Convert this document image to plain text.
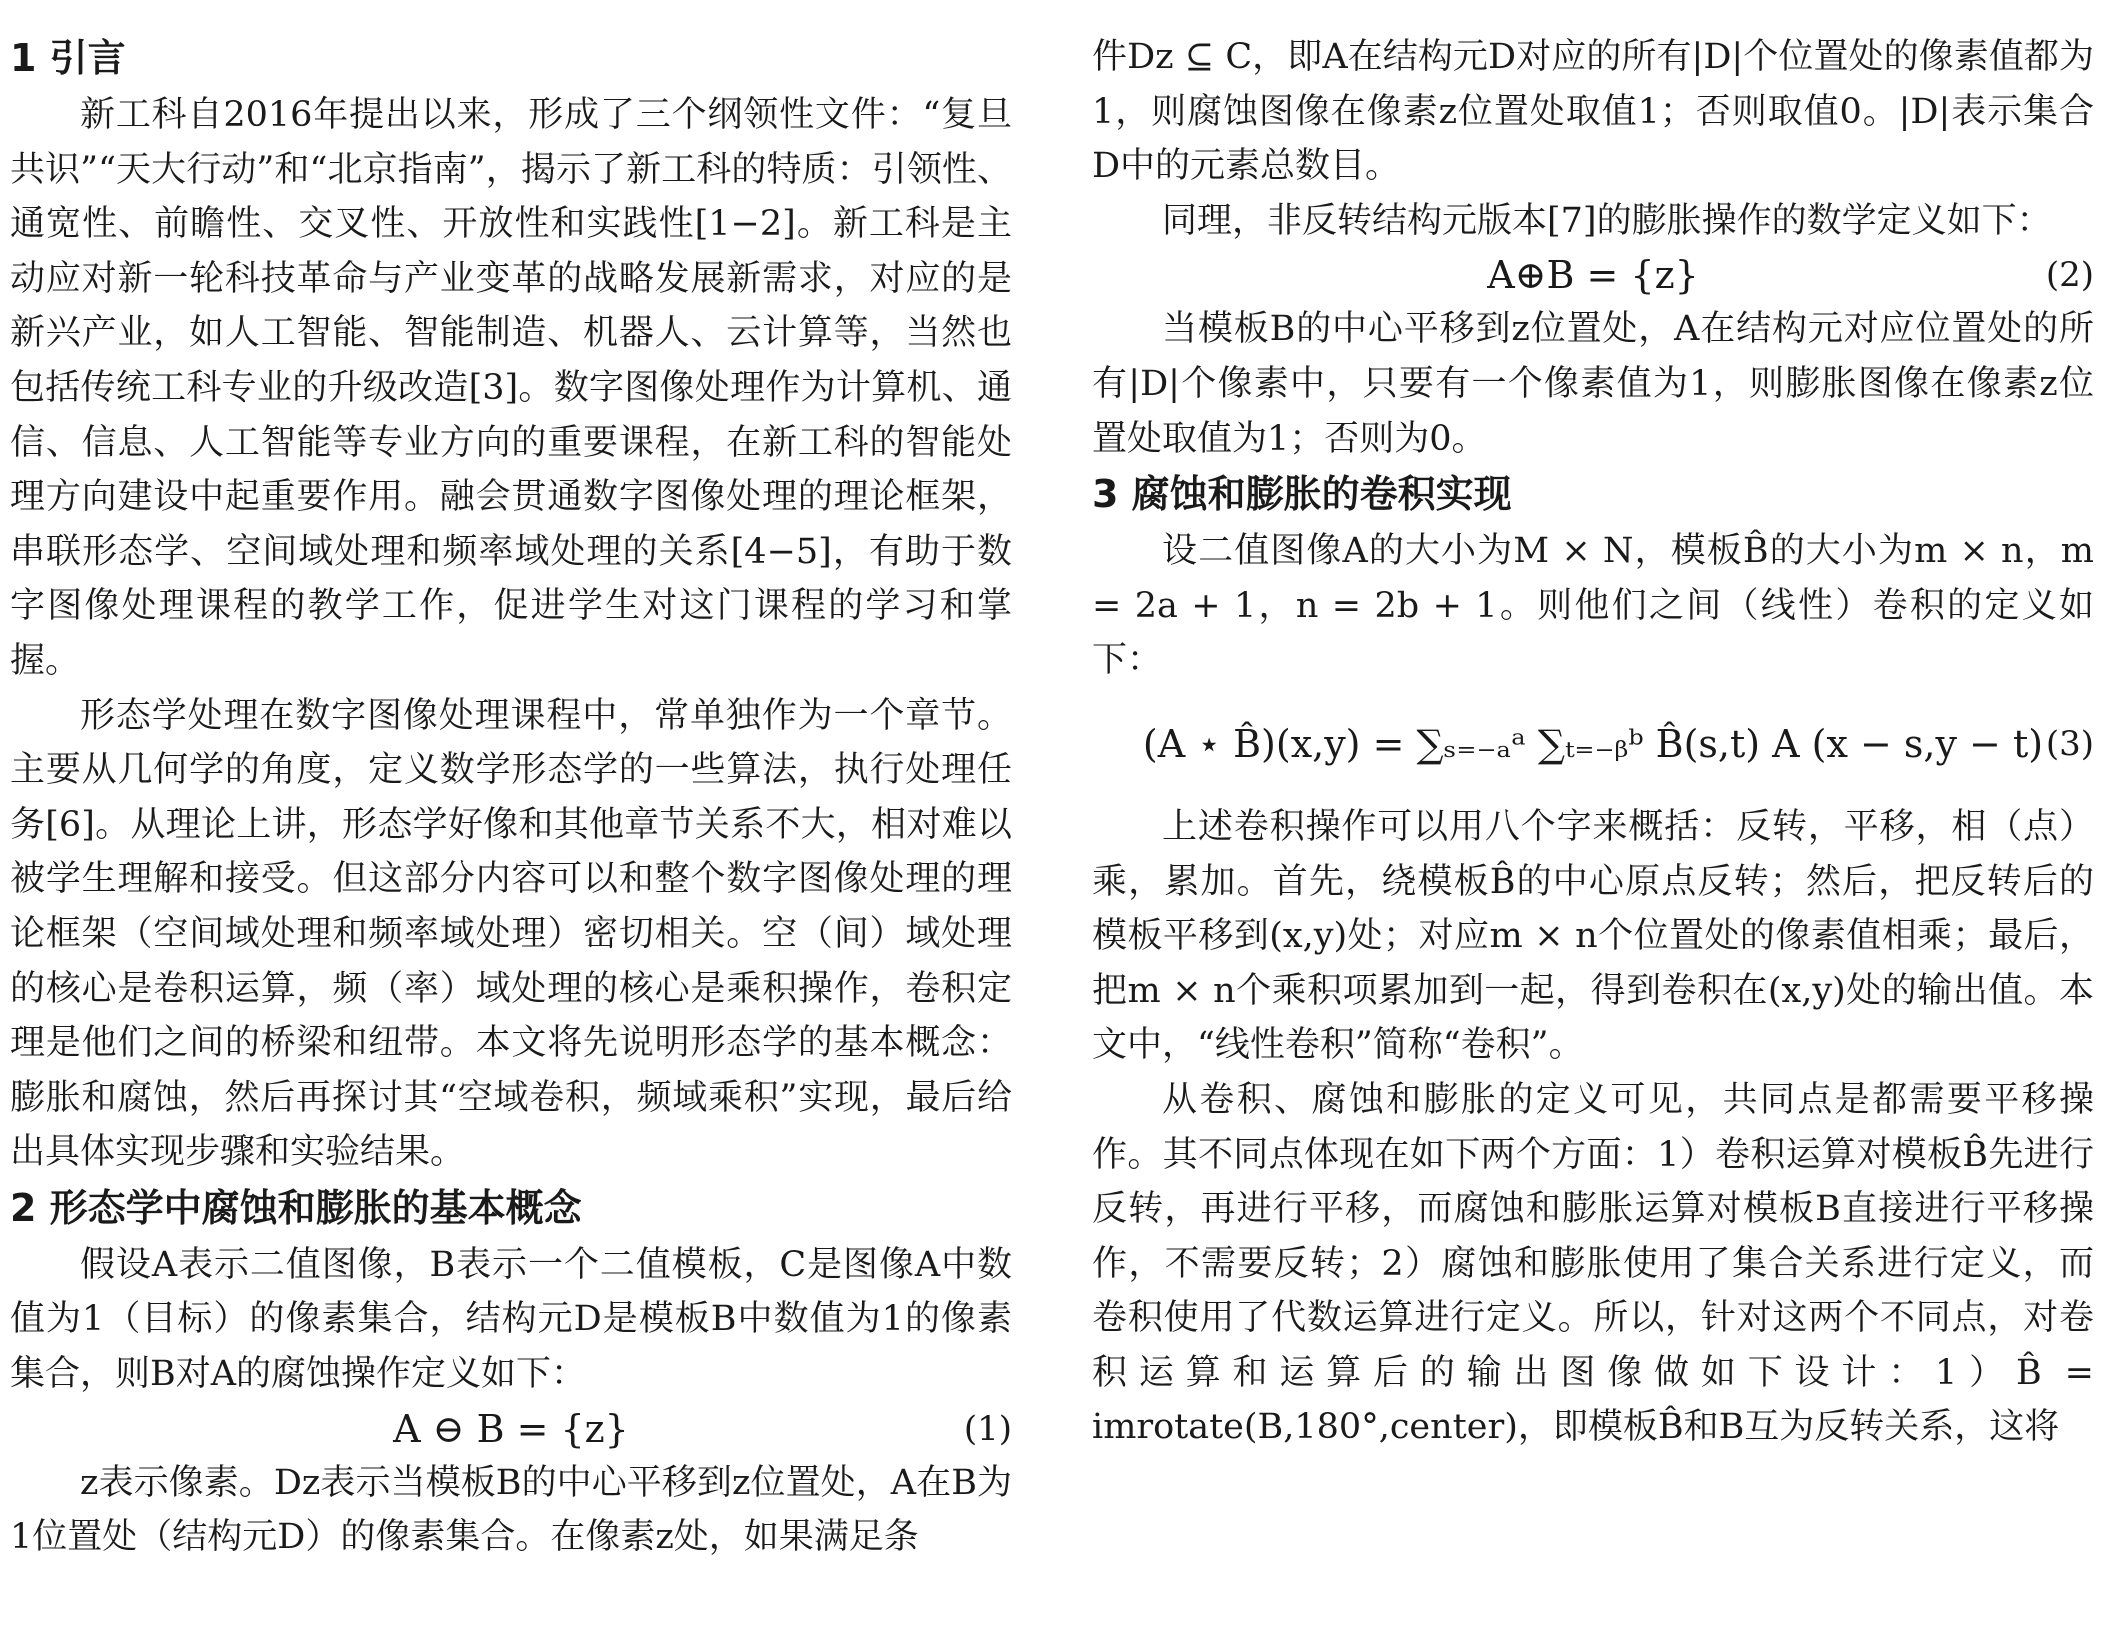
1 引言

新工科自2016年提出以来，形成了三个纲领性文件：“复旦共识”“天大行动”和“北京指南”，揭示了新工科的特质：引领性、通宽性、前瞻性、交叉性、开放性和实践性[1−2]。新工科是主动应对新一轮科技革命与产业变革的战略发展新需求，对应的是新兴产业，如人工智能、智能制造、机器人、云计算等，当然也包括传统工科专业的升级改造[3]。数字图像处理作为计算机、通信、信息、人工智能等专业方向的重要课程，在新工科的智能处理方向建设中起重要作用。融会贯通数字图像处理的理论框架，串联形态学、空间域处理和频率域处理的关系[4−5]，有助于数字图像处理课程的教学工作，促进学生对这门课程的学习和掌握。

形态学处理在数字图像处理课程中，常单独作为一个章节。主要从几何学的角度，定义数学形态学的一些算法，执行处理任务[6]。从理论上讲，形态学好像和其他章节关系不大，相对难以被学生理解和接受。但这部分内容可以和整个数字图像处理的理论框架（空间域处理和频率域处理）密切相关。空（间）域处理的核心是卷积运算，频（率）域处理的核心是乘积操作，卷积定理是他们之间的桥梁和纽带。本文将先说明形态学的基本概念：膨胀和腐蚀，然后再探讨其“空域卷积，频域乘积”实现，最后给出具体实现步骤和实验结果。

2 形态学中腐蚀和膨胀的基本概念

假设A表示二值图像，B表示一个二值模板，C是图像A中数值为1（目标）的像素集合，结构元D是模板B中数值为1的像素集合，则B对A的腐蚀操作定义如下：

A ⊖ B = {z}	(1)

z表示像素。Dz表示当模板B的中心平移到z位置处，A在B为1位置处（结构元D）的像素集合。在像素z处，如果满足条

件Dz ⊆ C，即A在结构元D对应的所有|D|个位置处的像素值都为1，则腐蚀图像在像素z位置处取值1；否则取值0。|D|表示集合D中的元素总数目。

同理，非反转结构元版本[7]的膨胀操作的数学定义如下：

A⊕B = {z}	(2)

当模板B的中心平移到z位置处，A在结构元对应位置处的所有|D|个像素中，只要有一个像素值为1，则膨胀图像在像素z位置处取值为1；否则为0。

3 腐蚀和膨胀的卷积实现

设二值图像A的大小为M × N，模板B̂的大小为m × n，m = 2a + 1，n = 2b + 1。则他们之间（线性）卷积的定义如下：

(A ⋆ B̂)(x,y) = ∑ₛ₌₋ₐᵃ ∑ₜ₌₋ᵦᵇ B̂(s,t) A (x − s,y − t) (3)

上述卷积操作可以用八个字来概括：反转，平移，相（点）乘，累加。首先，绕模板B̂的中心原点反转；然后，把反转后的模板平移到(x,y)处；对应m × n个位置处的像素值相乘；最后，把m × n个乘积项累加到一起，得到卷积在(x,y)处的输出值。本文中，“线性卷积”简称“卷积”。

从卷积、腐蚀和膨胀的定义可见，共同点是都需要平移操作。其不同点体现在如下两个方面：1）卷积运算对模板B̂先进行反转，再进行平移，而腐蚀和膨胀运算对模板B直接进行平移操作，不需要反转；2）腐蚀和膨胀使用了集合关系进行定义，而卷积使用了代数运算进行定义。所以，针对这两个不同点，对卷积运算和运算后的输出图像做如下设计：1）B̂ = imrotate(B,180°,center)，即模板B̂和B互为反转关系，这将
